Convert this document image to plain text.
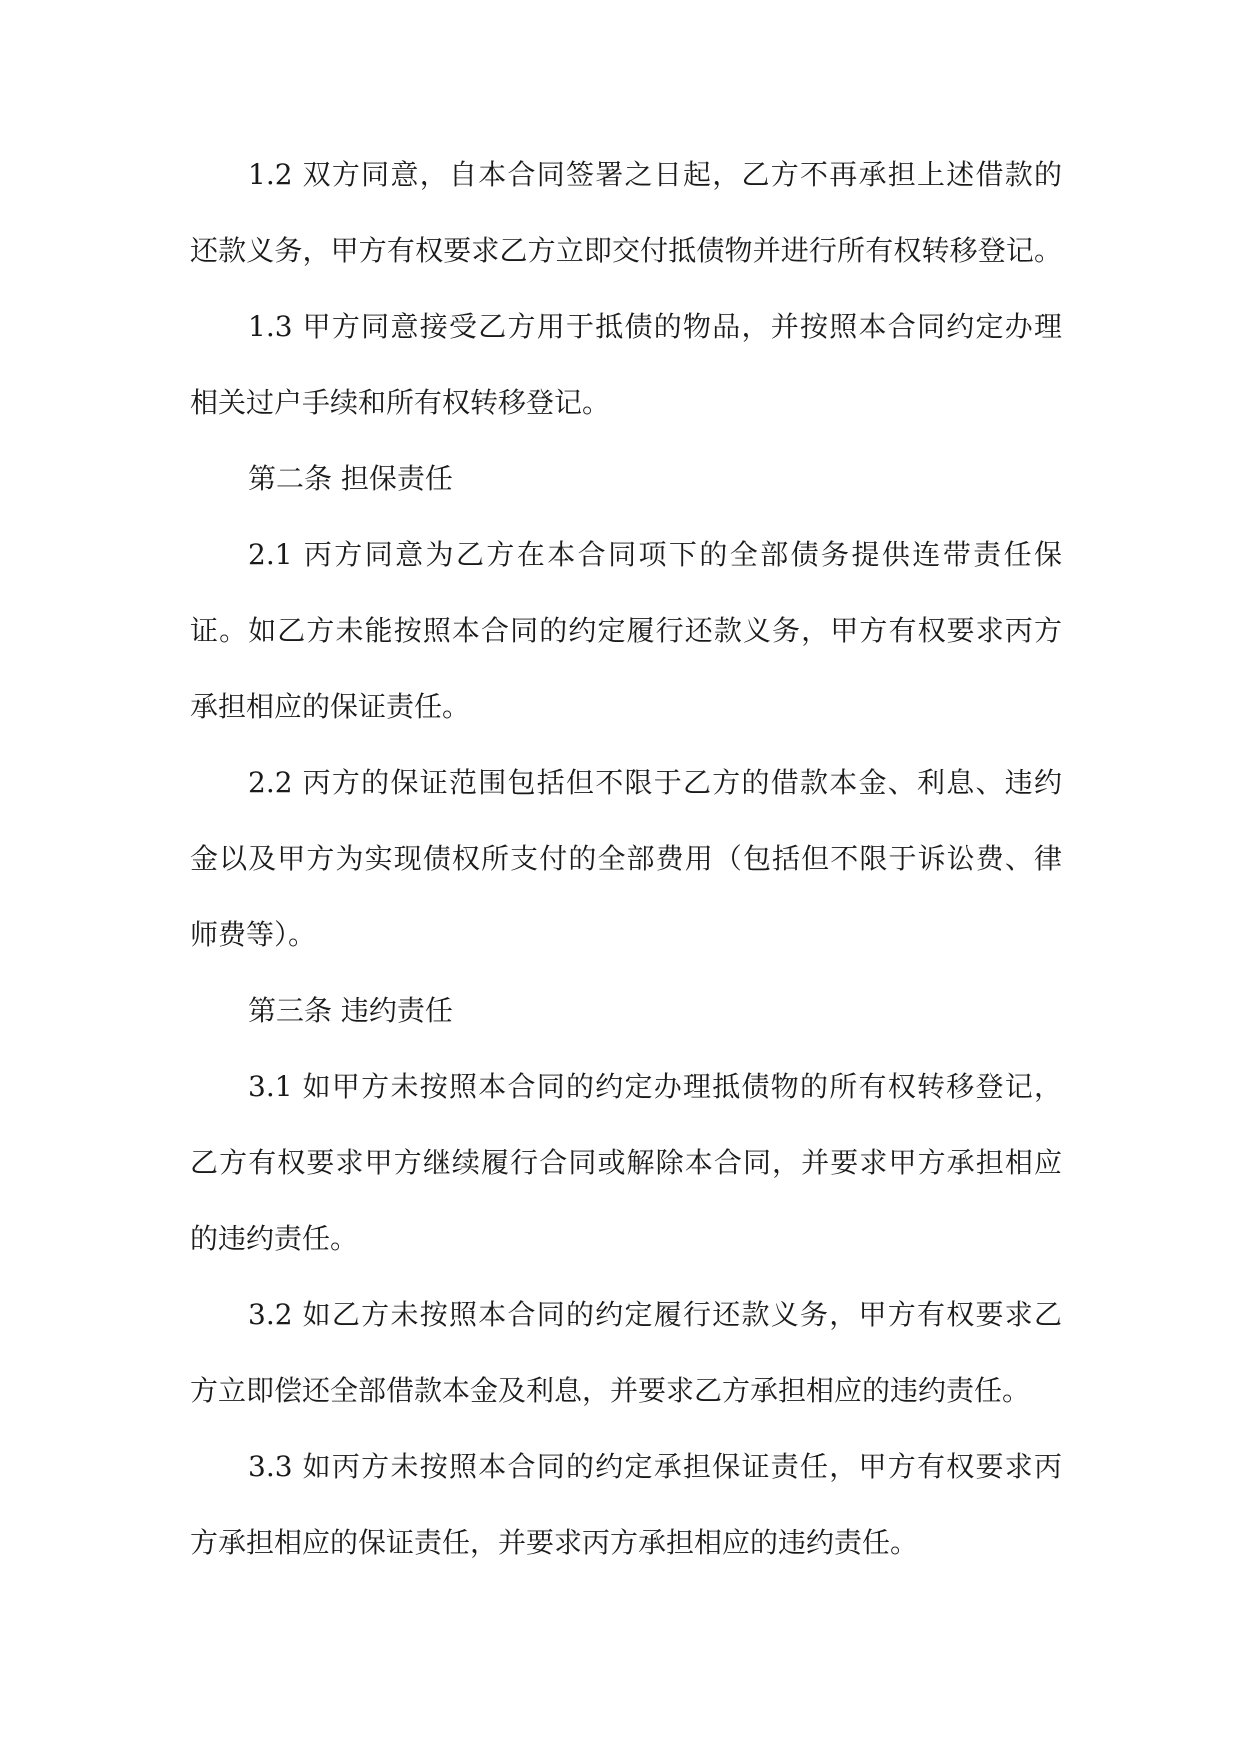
1.2 双方同意，自本合同签署之日起，乙方不再承担上述借款的
还款义务，甲方有权要求乙方立即交付抵债物并进行所有权转移登记。
1.3 甲方同意接受乙方用于抵债的物品，并按照本合同约定办理
相关过户手续和所有权转移登记。
第二条 担保责任
2.1 丙方同意为乙方在本合同项下的全部债务提供连带责任保
证。如乙方未能按照本合同的约定履行还款义务，甲方有权要求丙方
承担相应的保证责任。
2.2 丙方的保证范围包括但不限于乙方的借款本金、利息、违约
金以及甲方为实现债权所支付的全部费用（包括但不限于诉讼费、律
师费等）。
第三条 违约责任
3.1 如甲方未按照本合同的约定办理抵债物的所有权转移登记，
乙方有权要求甲方继续履行合同或解除本合同，并要求甲方承担相应
的违约责任。
3.2 如乙方未按照本合同的约定履行还款义务，甲方有权要求乙
方立即偿还全部借款本金及利息，并要求乙方承担相应的违约责任。
3.3 如丙方未按照本合同的约定承担保证责任，甲方有权要求丙
方承担相应的保证责任，并要求丙方承担相应的违约责任。
